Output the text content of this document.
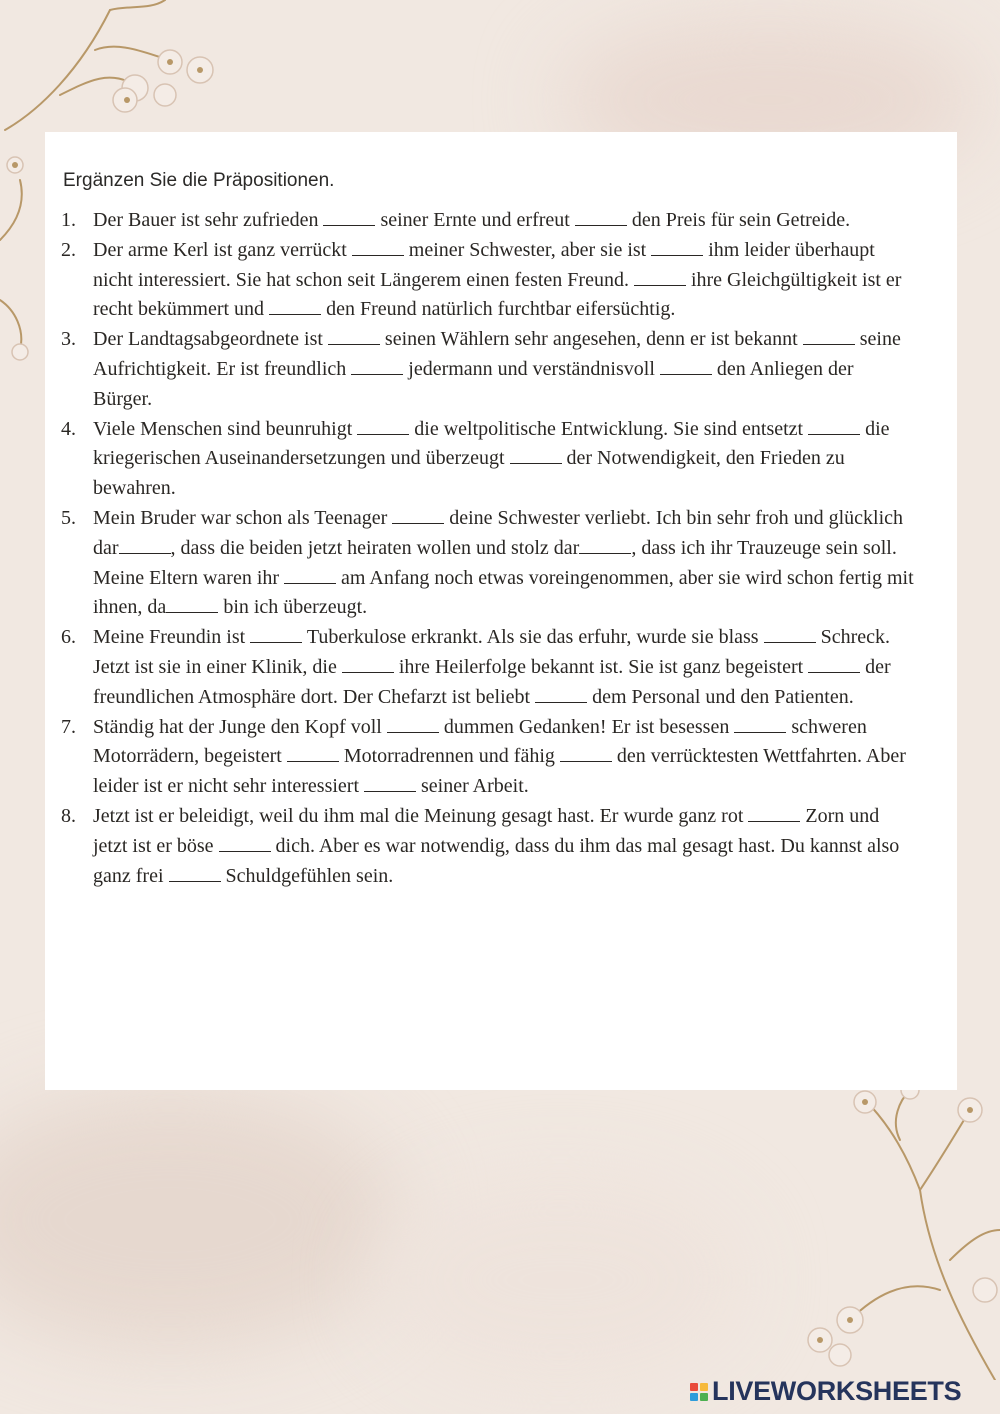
Ergänzen Sie die Präpositionen.
1. Der Bauer ist sehr zufrieden	seiner Ernte und erfreut	den Preis für sein Getreide.
2. Der arme Kerl ist ganz verrückt	meiner Schwester, aber sie ist	ihm leider überhaupt nicht interessiert. Sie hat schon seit Längerem einen festen Freund.	ihre Gleichgültigkeit ist er recht bekümmert und	den Freund natürlich furchtbar eifersüchtig.
3. Der Landtagsabgeordnete ist	seinen Wählern sehr angesehen, denn er ist bekannt	seine Aufrichtigkeit. Er ist freundlich	jedermann und verständnisvoll	den Anliegen der Bürger.
4. Viele Menschen sind beunruhigt	die weltpolitische Entwicklung. Sie sind entsetzt	die kriegerischen Auseinandersetzungen und überzeugt	der Notwendigkeit, den Frieden zu bewahren.
5. Mein Bruder war schon als Teenager	deine Schwester verliebt. Ich bin sehr froh und glücklich dar	, dass die beiden jetzt heiraten wollen und stolz dar	, dass ich ihr Trauzeuge sein soll. Meine Eltern waren ihr	am Anfang noch etwas voreingenommen, aber sie wird schon fertig mit ihnen, da	bin ich überzeugt.
6. Meine Freundin ist	Tuberkulose erkrankt. Als sie das erfuhr, wurde sie blass	Schreck. Jetzt ist sie in einer Klinik, die	ihre Heilerfolge bekannt ist. Sie ist ganz begeistert	der freundlichen Atmosphäre dort. Der Chefarzt ist beliebt	dem Personal und den Patienten.
7. Ständig hat der Junge den Kopf voll	dummen Gedanken! Er ist besessen	schweren Motorrädern, begeistert	Motorradrennen und fähig	den verrücktesten Wettfahrten. Aber leider ist er nicht sehr interessiert	seiner Arbeit.
8. Jetzt ist er beleidigt, weil du ihm mal die Meinung gesagt hast. Er wurde ganz rot	Zorn und jetzt ist er böse	dich. Aber es war notwendig, dass du ihm das mal gesagt hast. Du kannst also ganz frei	Schuldgefühlen sein.
LIVEWORKSHEETS
